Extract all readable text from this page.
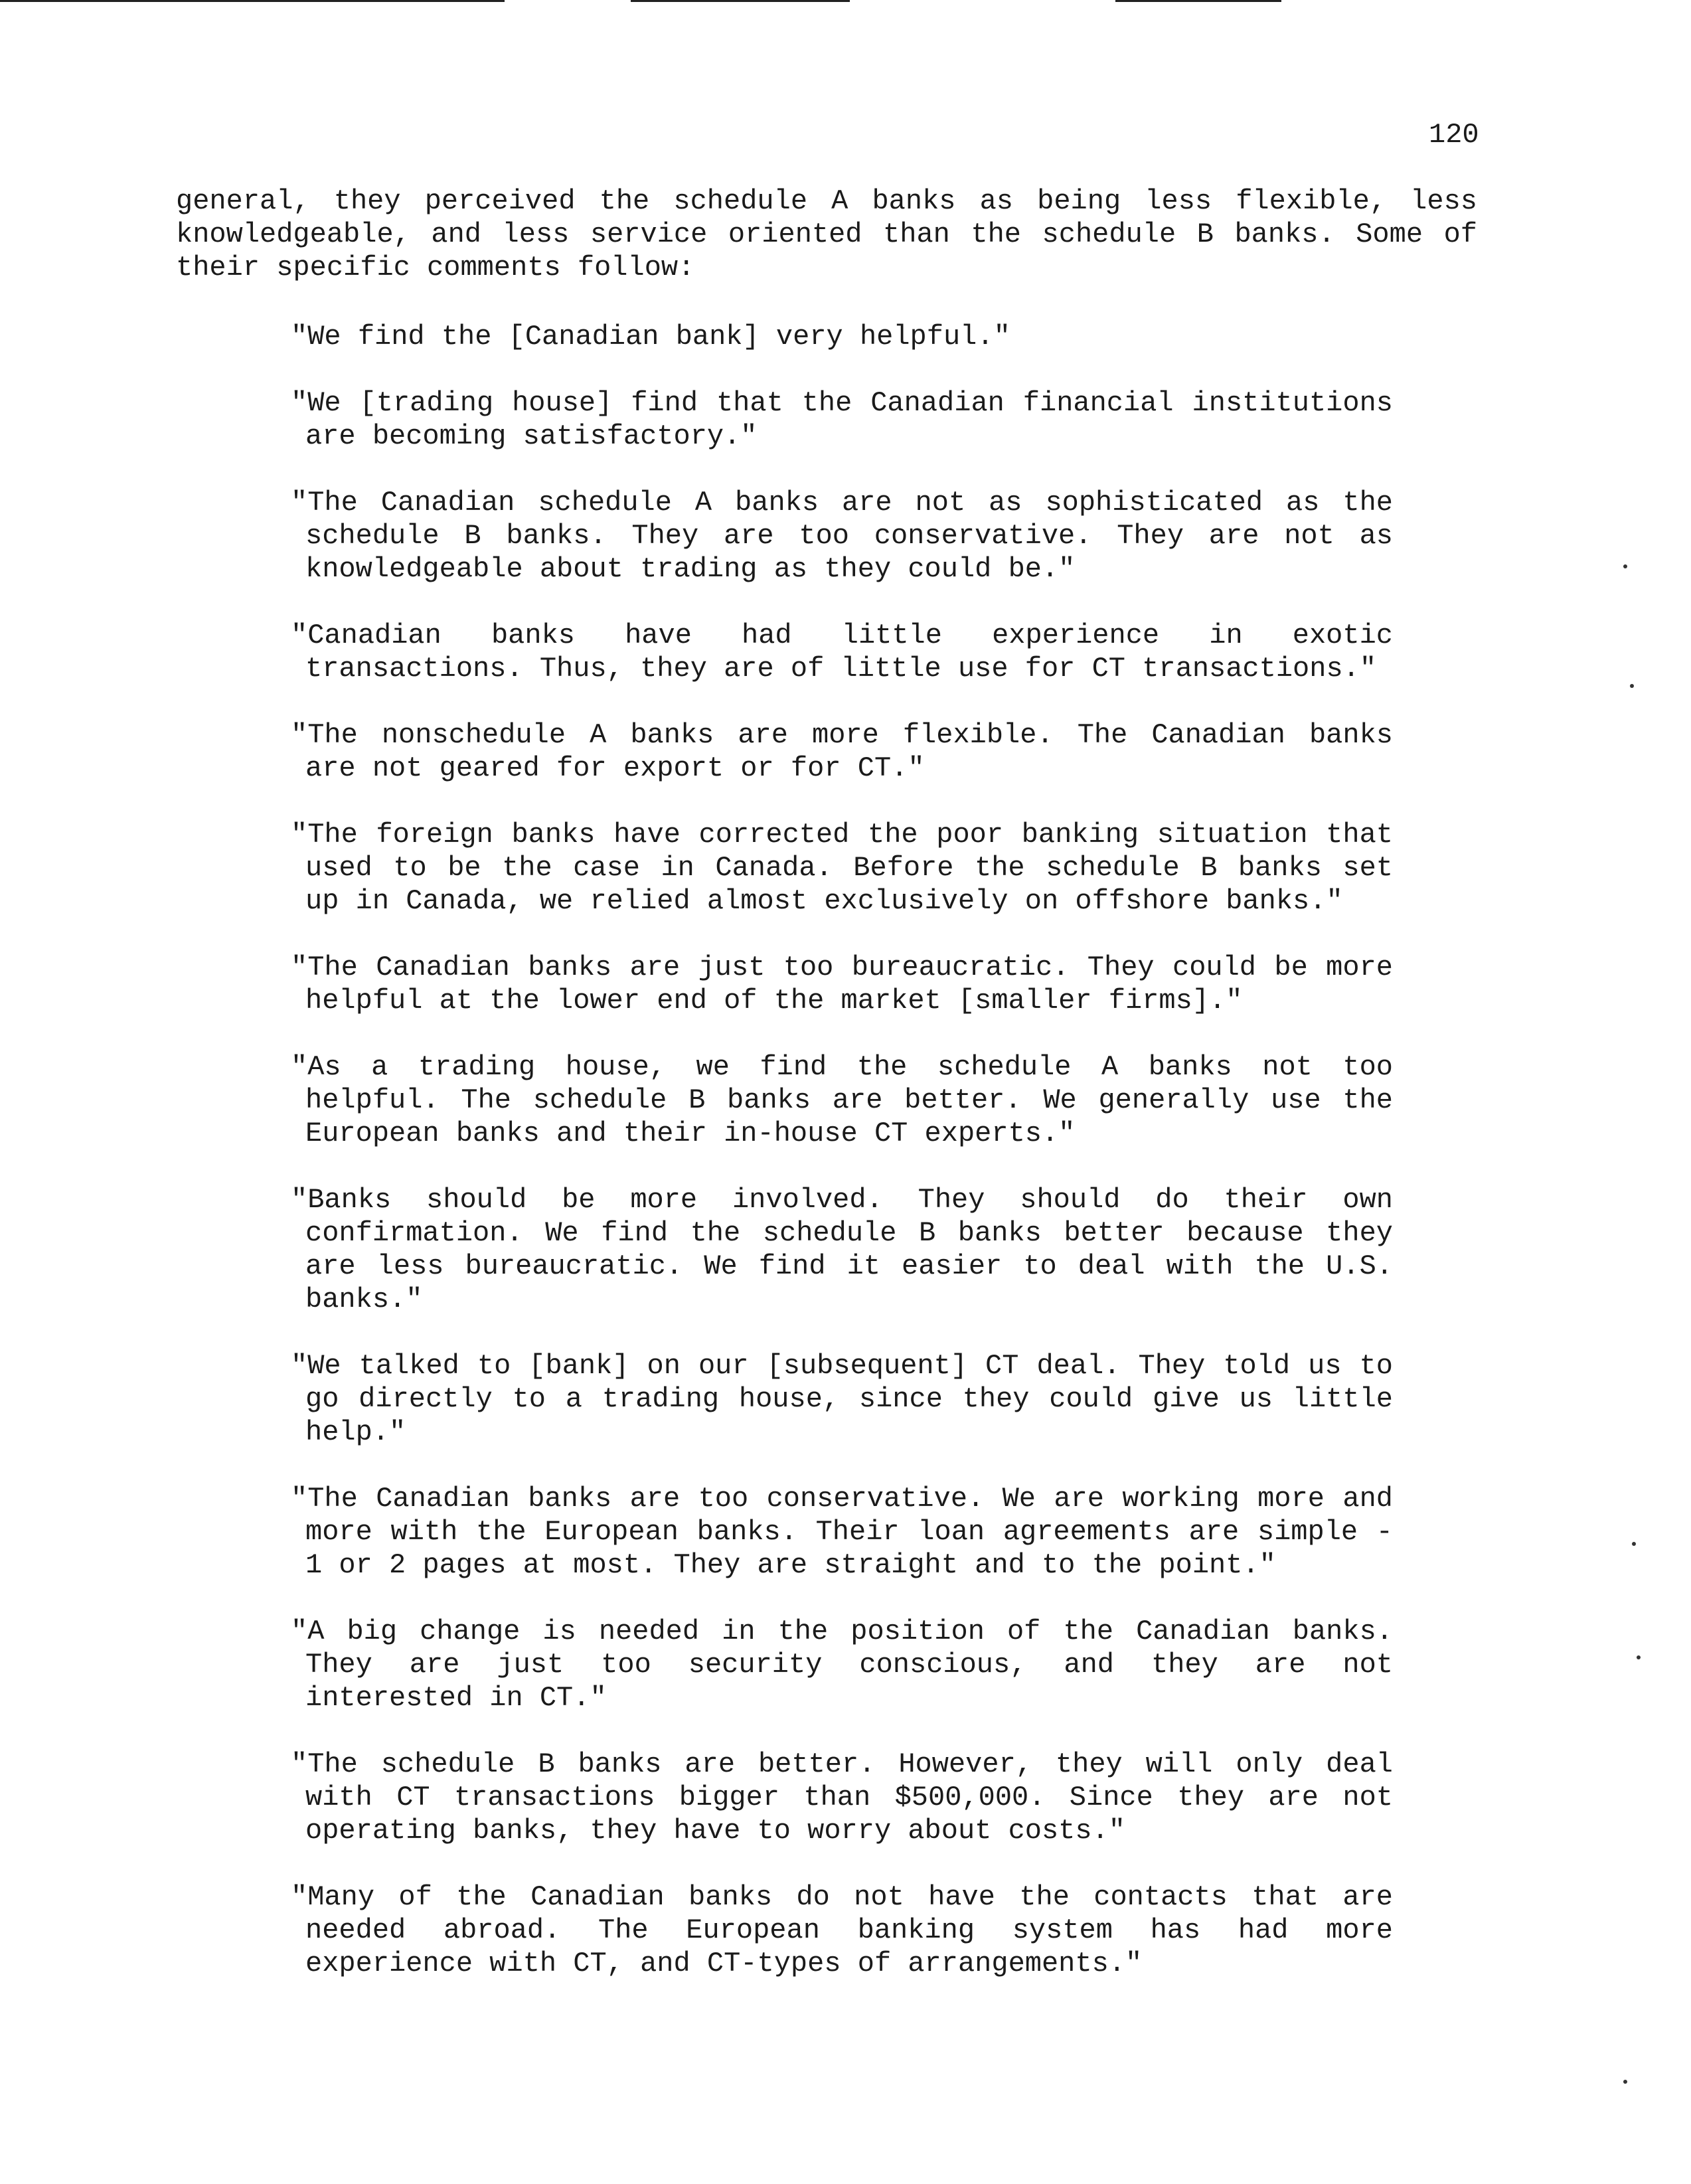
120

general, they perceived the schedule A banks as being less flexible, less knowledgeable, and less service oriented than the schedule B banks. Some of their specific comments follow:

"We find the [Canadian bank] very helpful."
"We [trading house] find that the Canadian financial institutions are becoming satisfactory."
"The Canadian schedule A banks are not as sophisticated as the schedule B banks. They are too conservative. They are not as knowledgeable about trading as they could be."
"Canadian banks have had little experience in exotic transactions. Thus, they are of little use for CT transactions."
"The nonschedule A banks are more flexible. The Canadian banks are not geared for export or for CT."
"The foreign banks have corrected the poor banking situation that used to be the case in Canada. Before the schedule B banks set up in Canada, we relied almost exclusively on offshore banks."
"The Canadian banks are just too bureaucratic. They could be more helpful at the lower end of the market [smaller firms]."
"As a trading house, we find the schedule A banks not too helpful. The schedule B banks are better. We generally use the European banks and their in-house CT experts."
"Banks should be more involved. They should do their own confirmation. We find the schedule B banks better because they are less bureaucratic. We find it easier to deal with the U.S. banks."
"We talked to [bank] on our [subsequent] CT deal. They told us to go directly to a trading house, since they could give us little help."
"The Canadian banks are too conservative. We are working more and more with the European banks. Their loan agreements are simple - 1 or 2 pages at most. They are straight and to the point."
"A big change is needed in the position of the Canadian banks. They are just too security conscious, and they are not interested in CT."
"The schedule B banks are better. However, they will only deal with CT transactions bigger than $500,000. Since they are not operating banks, they have to worry about costs."
"Many of the Canadian banks do not have the contacts that are needed abroad. The European banking system has had more experience with CT, and CT-types of arrangements."
